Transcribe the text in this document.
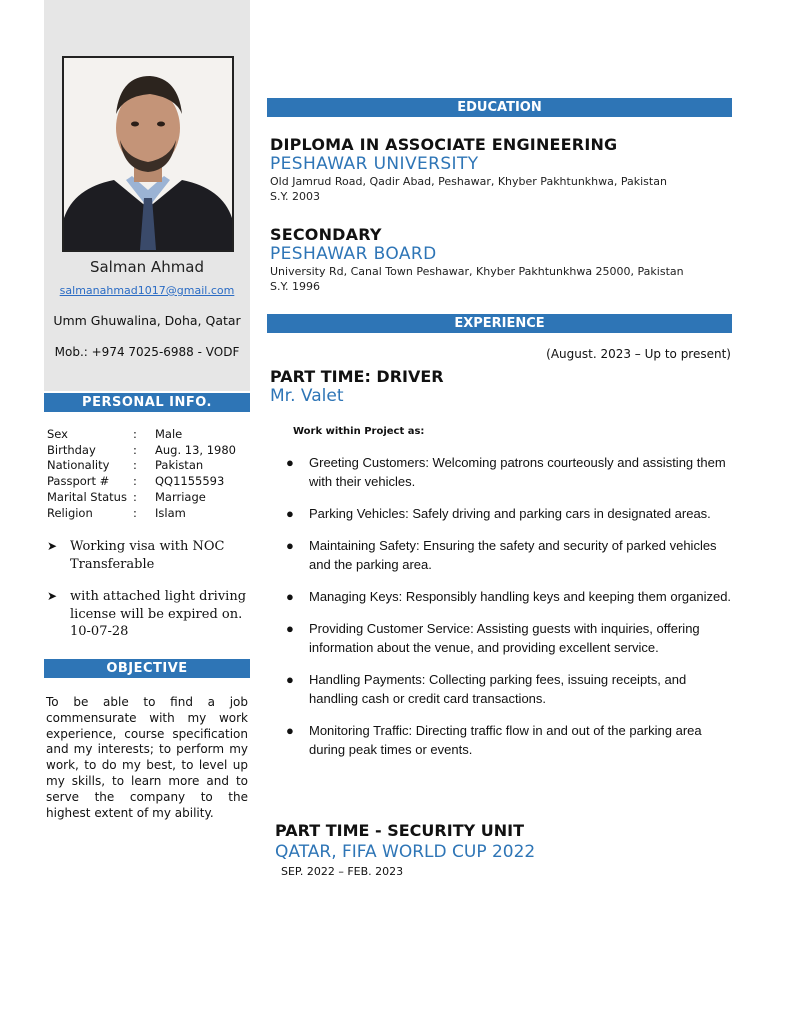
Salman Ahmad
salmanahmad1017@gmail.com
Umm Ghuwalina, Doha, Qatar
Mob.: +974 7025-6988 - VODF
PERSONAL INFO.
Sex	:	Male
Birthday	:	Aug. 13, 1980
Nationality	:	Pakistan
Passport #	:	QQ1155593
Marital Status :	Marriage
Religion	:	Islam
➤ Working visa with NOC Transferable
➤ with attached light driving license will be expired on. 10-07-28
OBJECTIVE
To be able to find a job commensurate with my work experience, course specification and my interests; to perform my work, to do my best, to level up my skills, to learn more and to serve the company to the highest extent of my ability.
EDUCATION
DIPLOMA IN ASSOCIATE ENGINEERING
PESHAWAR UNIVERSITY
Old Jamrud Road, Qadir Abad, Peshawar, Khyber Pakhtunkhwa, Pakistan
S.Y. 2003
SECONDARY
PESHAWAR BOARD
University Rd, Canal Town Peshawar, Khyber Pakhtunkhwa 25000, Pakistan
S.Y. 1996
EXPERIENCE
(August. 2023 – Up to present)
PART TIME: DRIVER
Mr. Valet
Work within Project as:
●	Greeting Customers: Welcoming patrons courteously and assisting them with their vehicles.
●	Parking Vehicles: Safely driving and parking cars in designated areas.
●	Maintaining Safety: Ensuring the safety and security of parked vehicles and the parking area.
●	Managing Keys: Responsibly handling keys and keeping them organized.
●	Providing Customer Service: Assisting guests with inquiries, offering information about the venue, and providing excellent service.
●	Handling Payments: Collecting parking fees, issuing receipts, and handling cash or credit card transactions.
●	Monitoring Traffic: Directing traffic flow in and out of the parking area during peak times or events.
PART TIME - SECURITY UNIT
QATAR, FIFA WORLD CUP 2022
SEP. 2022 – FEB. 2023
